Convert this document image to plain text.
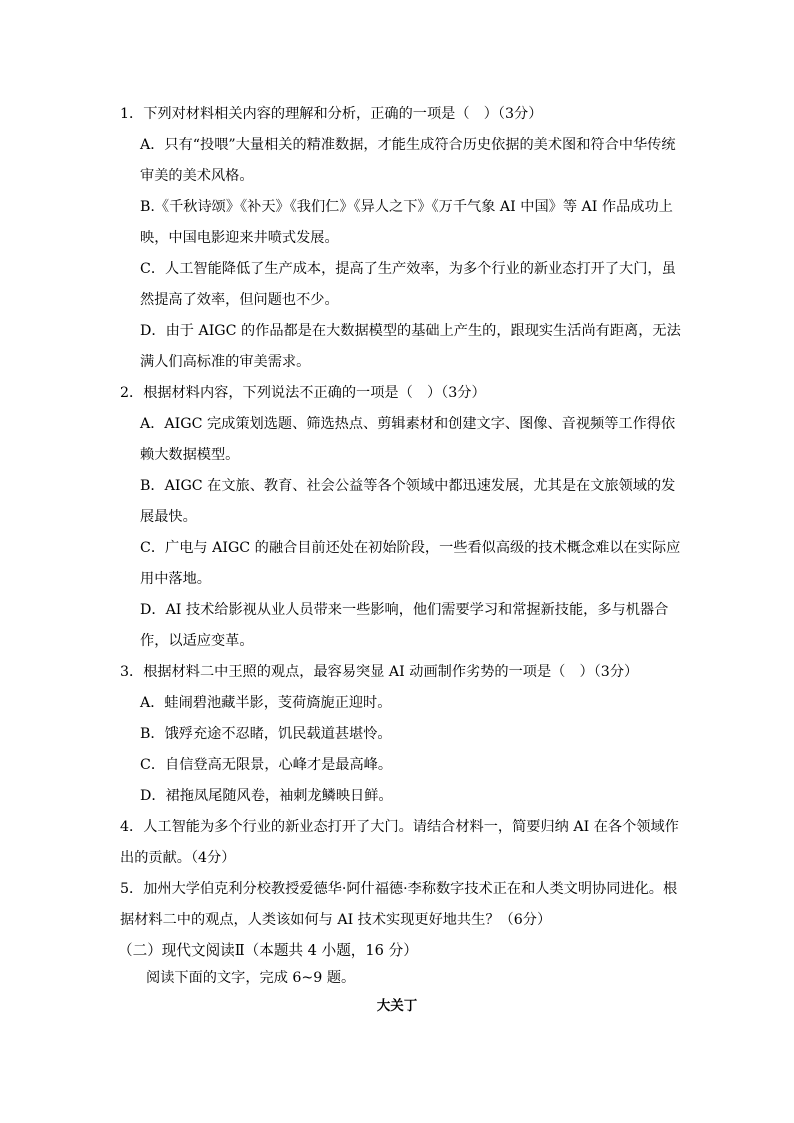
1．下列对材料相关内容的理解和分析，正确的一项是（　）（3分）
A．只有“投喂”大量相关的精准数据，才能生成符合历史依据的美术图和符合中华传统
审美的美术风格。
B.《千秋诗颂》《补天》《我们仁》《异人之下》《万千气象 AI 中国》等 AI 作品成功上
映，中国电影迎来井喷式发展。
C．人工智能降低了生产成本，提高了生产效率，为多个行业的新业态打开了大门，虽
然提高了效率，但问题也不少。
D．由于 AIGC 的作品都是在大数据模型的基础上产生的，跟现实生活尚有距离，无法
满人们高标准的审美需求。
2．根据材料内容，下列说法不正确的一项是（　）（3分）
A．AIGC 完成策划选题、筛选热点、剪辑素材和创建文字、图像、音视频等工作得依
赖大数据模型。
B．AIGC 在文旅、教育、社会公益等各个领域中都迅速发展，尤其是在文旅领域的发
展最快。
C．广电与 AIGC 的融合目前还处在初始阶段，一些看似高级的技术概念难以在实际应
用中落地。
D．AI 技术给影视从业人员带来一些影响，他们需要学习和常握新技能，多与机器合
作，以适应变革。
3．根据材料二中王照的观点，最容易突显 AI 动画制作劣势的一项是（　）（3分）
A．蛙闹碧池藏半影，芰荷旖旎正迎时。
B．饿殍充途不忍睹，饥民载道甚堪怜。
C．自信登高无限景，心峰才是最高峰。
D．裙拖凤尾随风卷，袖刺龙鳞映日鲜。
4．人工智能为多个行业的新业态打开了大门。请结合材料一，简要归纳 AI 在各个领域作
出的贡献。（4分）
5．加州大学伯克利分校教授爱德华·阿什福德·李称数字技术正在和人类文明协同进化。根
据材料二中的观点，人类该如何与 AI 技术实现更好地共生？（6分）
（二）现代文阅读Ⅱ（本题共 4 小题，16 分）
阅读下面的文字，完成 6~9 题。
大关丁
